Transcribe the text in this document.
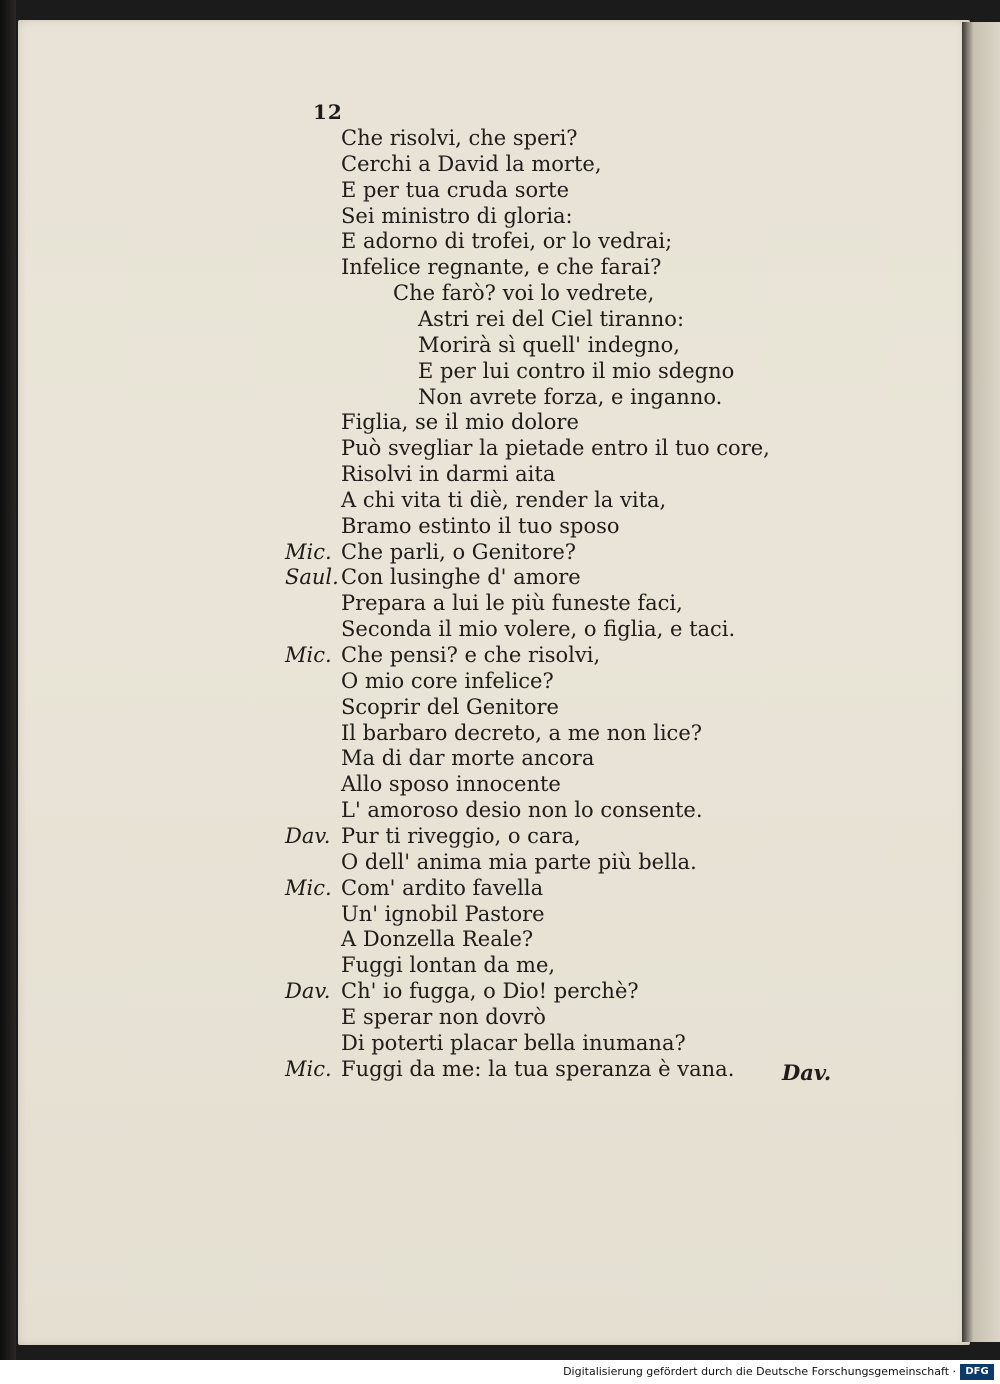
12
Che risolvi, che speri?
Cerchi a David la morte,
E per tua cruda sorte
Sei ministro di gloria:
E adorno di trofei, or lo vedrai;
Infelice regnante, e che farai?
Che farò? voi lo vedrete,
Astri rei del Ciel tiranno:
Morirà sì quell' indegno,
E per lui contro il mio sdegno
Non avrete forza, e inganno.
Figlia, se il mio dolore
Può svegliar la pietade entro il tuo core,
Risolvi in darmi aita
A chi vita ti diè, render la vita,
Bramo estinto il tuo sposo
Che parli, o Genitore?
Mic.
Con lusinghe d' amore
Saul.
Prepara a lui le più funeste faci,
Seconda il mio volere, o figlia, e taci.
Che pensi? e che risolvi,
Mic.
O mio core infelice?
Scoprir del Genitore
Il barbaro decreto, a me non lice?
Ma di dar morte ancora
Allo sposo innocente
L' amoroso desio non lo consente.
Pur ti riveggio, o cara,
Dav.
O dell' anima mia parte più bella.
Com' ardito favella
Mic.
Un' ignobil Pastore
A Donzella Reale?
Fuggi lontan da me,
Ch' io fugga, o Dio! perchè?
Dav.
E sperar non dovrò
Di poterti placar bella inumana?
Fuggi da me: la tua speranza è vana.
Mic.	Dav.
Digitalisierung gefördert durch die Deutsche Forschungsgemeinschaft · DFG
